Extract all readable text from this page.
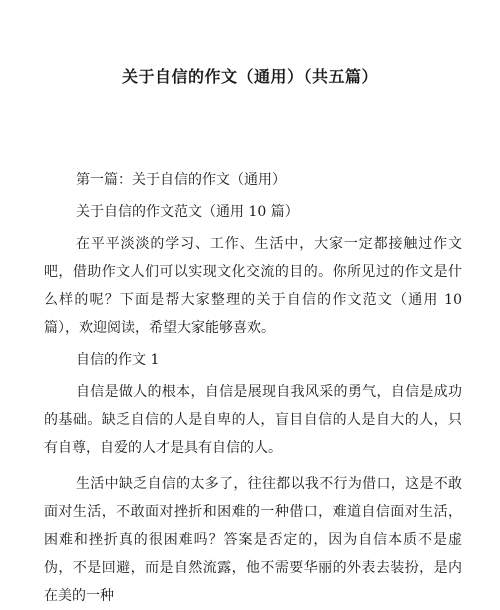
关于自信的作文（通用）（共五篇）

第一篇：关于自信的作文（通用）

关于自信的作文范文（通用 10 篇）

在平平淡淡的学习、工作、生活中，大家一定都接触过作文吧，借助作文人们可以实现文化交流的目的。你所见过的作文是什么样的呢？下面是帮大家整理的关于自信的作文范文（通用 10 篇），欢迎阅读，希望大家能够喜欢。

自信的作文 1

自信是做人的根本，自信是展现自我风采的勇气，自信是成功的基础。缺乏自信的人是自卑的人，盲目自信的人是自大的人，只有自尊，自爱的人才是具有自信的人。

生活中缺乏自信的太多了，往往都以我不行为借口，这是不敢面对生活，不敢面对挫折和困难的一种借口，难道自信面对生活，困难和挫折真的很困难吗？答案是否定的，因为自信本质不是虚伪，不是回避，而是自然流露，他不需要华丽的外表去装扮，是内在美的一种
